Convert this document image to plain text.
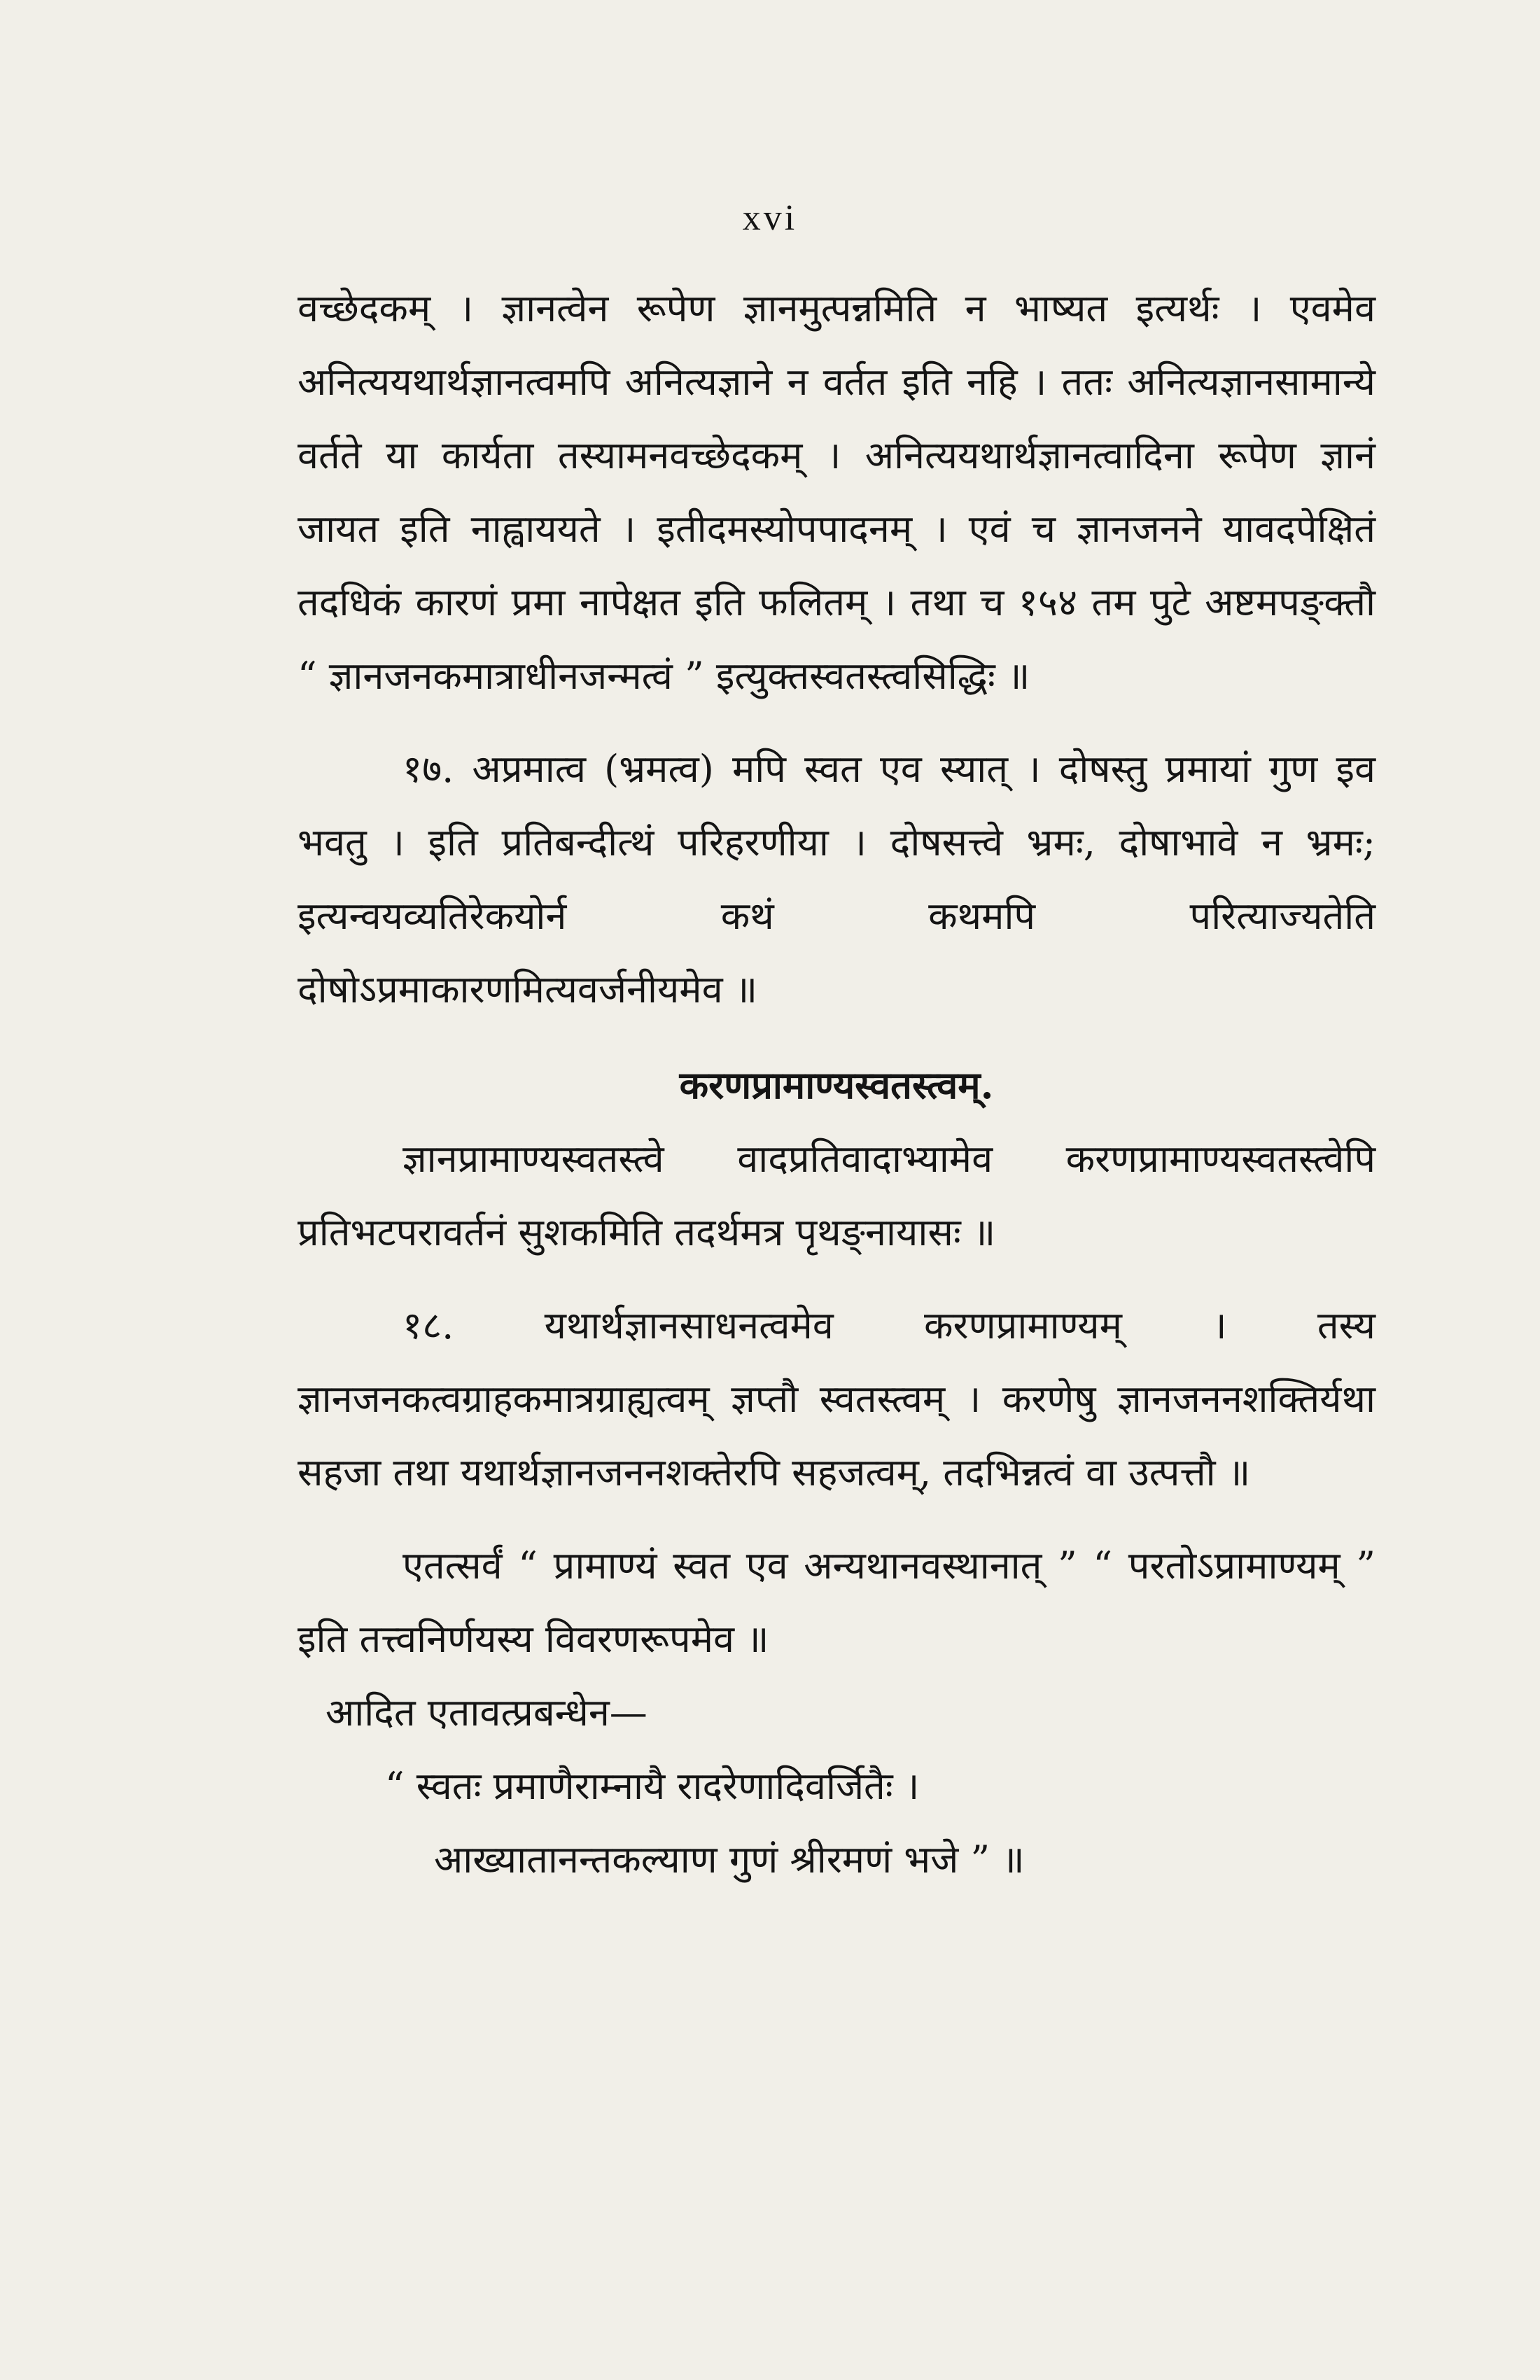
xvi

वच्छेदकम् । ज्ञानत्वेन रूपेण ज्ञानमुत्पन्नमिति न भाष्यत इत्यर्थः । एवमेव अनित्ययथार्थज्ञानत्वमपि अनित्यज्ञाने न वर्तत इति नहि । ततः अनित्यज्ञानसामान्ये वर्तते या कार्यता तस्यामनवच्छेदकम् । अनित्ययथार्थज्ञानत्वादिना रूपेण ज्ञानं जायत इति नाह्वाययते । इतीदमस्योपपादनम् । एवं च ज्ञानजनने यावदपेक्षितं तदधिकं कारणं प्रमा नापेक्षत इति फलितम् । तथा च १५४ तम पुटे अष्टमपङ्क्तौ “ ज्ञानजनकमात्राधीनजन्मत्वं ” इत्युक्तस्वतस्त्वसिद्धिः ॥

१७. अप्रमात्व (भ्रमत्व) मपि स्वत एव स्यात् । दोषस्तु प्रमायां गुण इव भवतु । इति प्रतिबन्दीत्थं परिहरणीया । दोषसत्त्वे भ्रमः, दोषाभावे न भ्रमः; इत्यन्वयव्यतिरेकयोर्न कथं कथमपि परित्याज्यतेति दोषोऽप्रमाकारणमित्यवर्जनीयमेव ॥

करणप्रामाण्यस्वतस्त्वम्.

ज्ञानप्रामाण्यस्वतस्त्वे वादप्रतिवादाभ्यामेव करणप्रामाण्यस्वतस्त्वेपि प्रतिभटपरावर्तनं सुशकमिति तदर्थमत्र पृथङ्नायासः ॥

१८. यथार्थज्ञानसाधनत्वमेव करणप्रामाण्यम् । तस्य ज्ञानजनकत्वग्राहकमात्रग्राह्यत्वम् ज्ञप्तौ स्वतस्त्वम् । करणेषु ज्ञानजननशक्तिर्यथा सहजा तथा यथार्थज्ञानजननशक्तेरपि सहजत्वम्, तदभिन्नत्वं वा उत्पत्तौ ॥

एतत्सर्वं “ प्रामाण्यं स्वत एव अन्यथानवस्थानात् ” “ परतोऽप्रामाण्यम् ” इति तत्त्वनिर्णयस्य विवरणरूपमेव ॥

आदित एतावत्प्रबन्धेन—

“ स्वतः प्रमाणैराम्नायै रादरेणादिवर्जितैः ।

आख्यातानन्तकल्याण गुणं श्रीरमणं भजे ” ॥
